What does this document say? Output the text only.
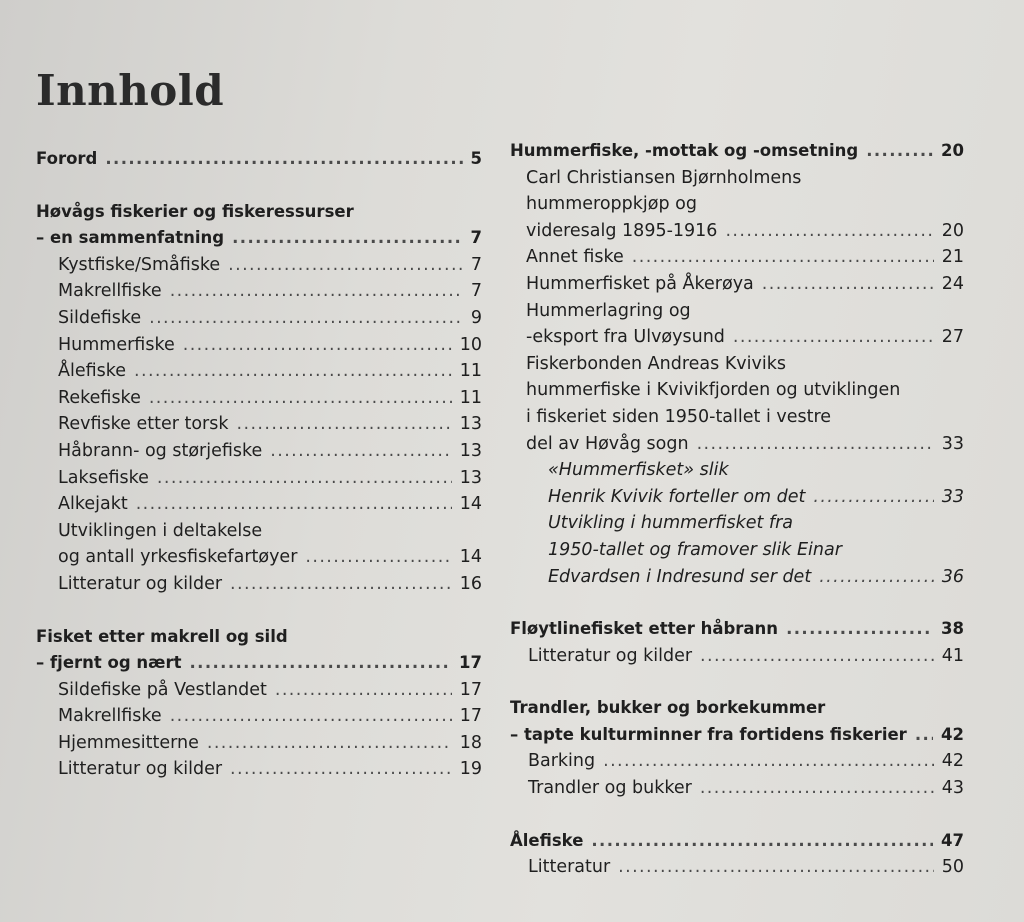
Innhold
Forord .....	5
Høvågs fiskerier og fiskeressurser
– en sammenfatning .....	7
Kystfiske/Småfiske .....	7
Makrellfiske .....	7
Sildefiske .....	9
Hummerfiske .....	10
Ålefiske .....	11
Rekefiske .....	11
Revfiske etter torsk .....	13
Håbrann- og størjefiske .....	13
Laksefiske .....	13
Alkejakt .....	14
Utviklingen i deltakelse
og antall yrkesfiskefartøyer .....	14
Litteratur og kilder .....	16
Fisket etter makrell og sild
– fjernt og nært .....	17
Sildefiske på Vestlandet .....	17
Makrellfiske .....	17
Hjemmesitterne .....	18
Litteratur og kilder .....	19
Hummerfiske, -mottak og -omsetning .....	20
Carl Christiansen Bjørnholmens
hummeroppkjøp og
videresalg 1895-1916 .....	20
Annet fiske .....	21
Hummerfisket på Åkerøya .....	24
Hummerlagring og
-eksport fra Ulvøysund .....	27
Fiskerbonden Andreas Kviviks
hummerfiske i Kvivikfjorden og utviklingen
i fiskeriet siden 1950-tallet i vestre
del av Høvåg sogn .....	33
«Hummerfisket» slik
Henrik Kvivik forteller om det .....	33
Utvikling i hummerfisket fra
1950-tallet og framover slik Einar
Edvardsen i Indresund ser det .....	36
Fløytlinefisket etter håbrann .....	38
Litteratur og kilder .....	41
Trandler, bukker og borkekummer
– tapte kulturminner fra fortidens fiskerier ..... 42
Barking .....	42
Trandler og bukker .....	43
Ålefiske .....	47
Litteratur .....	50
